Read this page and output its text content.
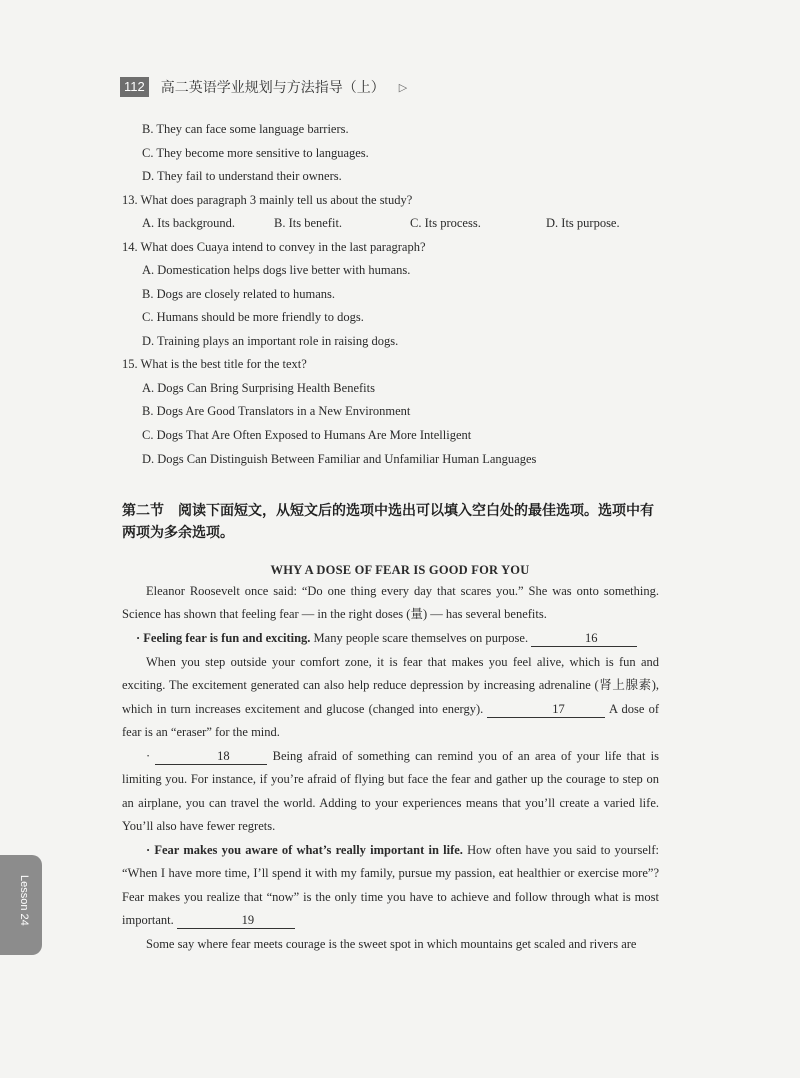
112 高二英语学业规划与方法指导（上） ▷
B. They can face some language barriers.
C. They become more sensitive to languages.
D. They fail to understand their owners.
13. What does paragraph 3 mainly tell us about the study?
A. Its background.	B. Its benefit.	C. Its process.	D. Its purpose.
14. What does Cuaya intend to convey in the last paragraph?
A. Domestication helps dogs live better with humans.
B. Dogs are closely related to humans.
C. Humans should be more friendly to dogs.
D. Training plays an important role in raising dogs.
15. What is the best title for the text?
A. Dogs Can Bring Surprising Health Benefits
B. Dogs Are Good Translators in a New Environment
C. Dogs That Are Often Exposed to Humans Are More Intelligent
D. Dogs Can Distinguish Between Familiar and Unfamiliar Human Languages
第二节　阅读下面短文，从短文后的选项中选出可以填入空白处的最佳选项。选项中有两项为多余选项。
WHY A DOSE OF FEAR IS GOOD FOR YOU
Eleanor Roosevelt once said: “Do one thing every day that scares you.” She was onto something. Science has shown that feeling fear — in the right doses (量) — has several benefits.
· Feeling fear is fun and exciting. Many people scare themselves on purpose.	16
When you step outside your comfort zone, it is fear that makes you feel alive, which is fun and exciting. The excitement generated can also help reduce depression by increasing adrenaline (肾上腺素), which in turn increases excitement and glucose (changed into energy).	17	A dose of fear is an “eraser” for the mind.
·	18	Being afraid of something can remind you of an area of your life that is limiting you. For instance, if you’re afraid of flying but face the fear and gather up the courage to step on an airplane, you can travel the world. Adding to your experiences means that you’ll create a varied life. You’ll also have fewer regrets.
· Fear makes you aware of what’s really important in life. How often have you said to yourself: “When I have more time, I’ll spend it with my family, pursue my passion, eat healthier or exercise more”? Fear makes you realize that “now” is the only time you have to achieve and follow through what is most important.	19
Some say where fear meets courage is the sweet spot in which mountains get scaled and rivers are
Lesson 24
